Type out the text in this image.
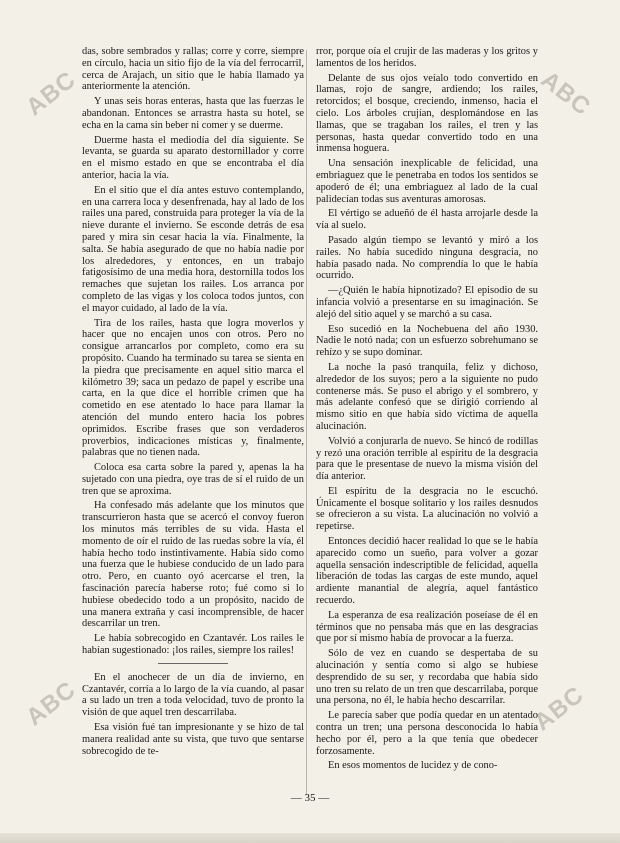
ABC	ABC
ABC	ABC

das, sobre sembrados y rallas; corre y corre, siempre en círculo, hacia un sitio fijo de la vía del ferrocarril, cerca de Arajach, un sitio que le había llamado ya anteriormente la atención.

Y unas seis horas enteras, hasta que las fuerzas le abandonan. Entonces se arrastra hasta su hotel, se echa en la cama sin beber ni comer y se duerme.

Duerme hasta el mediodía del día siguiente. Se levanta, se guarda su aparato destornillador y corre en el mismo estado en que se encontraba el día anterior, hacia la vía.

En el sitio que el día antes estuvo contemplando, en una carrera loca y desenfrenada, hay al lado de los railes una pared, construida para proteger la vía de la nieve durante el invierno. Se esconde detrás de esa pared y mira sin cesar hacia la vía. Finalmente, la salta. Se había asegurado de que no había nadie por los alrededores, y entonces, en un trabajo fatigosísimo de una media hora, destornilla todos los remaches que sujetan los railes. Los arranca por completo de las vigas y los coloca todos juntos, con el mayor cuidado, al lado de la vía.

Tira de los railes, hasta que logra moverlos y hacer que no encajen unos con otros. Pero no consigue arrancarlos por completo, como era su propósito. Cuando ha terminado su tarea se sienta en la piedra que precisamente en aquel sitio marca el kilómetro 39; saca un pedazo de papel y escribe una carta, en la que dice el horrible crimen que ha cometido en ese atentado lo hace para llamar la atención del mundo entero hacia los pobres oprimidos. Escribe frases que son verdaderos proverbios, indicaciones místicas y, finalmente, palabras que no tienen nada.

Coloca esa carta sobre la pared y, apenas la ha sujetado con una piedra, oye tras de sí el ruido de un tren que se aproxima.

Ha confesado más adelante que los minutos que transcurrieron hasta que se acercó el convoy fueron los minutos más terribles de su vida. Hasta el momento de oír el ruido de las ruedas sobre la vía, él había hecho todo instintivamente. Había sido como una fuerza que le hubiese conducido de un lado para otro. Pero, en cuanto oyó acercarse el tren, la fascinación parecía haberse roto; fué como si lo hubiese obedecido todo a un propósito, nacido de una manera extraña y casi incomprensible, de hacer descarrilar un tren.

Le había sobrecogido en Czantavér. Los railes le habían sugestionado: ¡los railes, siempre los railes!

En el anochecer de un día de invierno, en Czantavér, corría a lo largo de la vía cuando, al pasar a su lado un tren a toda velocidad, tuvo de pronto la visión de que aquel tren descarrilaba.

Esa visión fué tan impresionante y se hizo de tal manera realidad ante su vista, que tuvo que sentarse sobrecogido de te-

rror, porque oía el crujir de las maderas y los gritos y lamentos de los heridos.

Delante de sus ojos veíalo todo convertido en llamas, rojo de sangre, ardiendo; los railes, retorcidos; el bosque, creciendo, inmenso, hacia el cielo. Los árboles crujían, desplomándose en las llamas, que se tragaban los railes, el tren y las personas, hasta quedar convertido todo en una inmensa hoguera.

Una sensación inexplicable de felicidad, una embriaguez que le penetraba en todos los sentidos se apoderó de él; una embriaguez al lado de la cual palidecían todas sus aventuras amorosas.

El vértigo se adueñó de él hasta arrojarle desde la vía al suelo.

Pasado algún tiempo se levantó y miró a los railes. No había sucedido ninguna desgracia, no había pasado nada. No comprendía lo que le había ocurrido.

—¿Quién le había hipnotizado? El episodio de su infancia volvió a presentarse en su imaginación. Se alejó del sitio aquel y se marchó a su casa.

Eso sucedió en la Nochebuena del año 1930. Nadie le notó nada; con un esfuerzo sobrehumano se rehízo y se supo dominar.

La noche la pasó tranquila, feliz y dichoso, alrededor de los suyos; pero a la siguiente no pudo contenerse más. Se puso el abrigo y el sombrero, y más adelante confesó que se dirigió corriendo al mismo sitio en que había sido víctima de aquella alucinación.

Volvió a conjurarla de nuevo. Se hincó de rodillas y rezó una oración terrible al espíritu de la desgracia para que le presentase de nuevo la misma visión del día anterior.

El espíritu de la desgracia no le escuchó. Únicamente el bosque solitario y los railes desnudos se ofrecieron a su vista. La alucinación no volvió a repetirse.

Entonces decidió hacer realidad lo que se le había aparecido como un sueño, para volver a gozar aquella sensación indescriptible de felicidad, aquella liberación de todas las cargas de este mundo, aquel ardiente manantial de alegría, aquel fantástico recuerdo.

La esperanza de esa realización poseíase de él en términos que no pensaba más que en las desgracias que por sí mismo había de provocar a la fuerza.

Sólo de vez en cuando se despertaba de su alucinación y sentía como si algo se hubiese desprendido de su ser, y recordaba que había sido uno tren su relato de un tren que descarrilaba, porque una persona, no él, le había hecho descarrilar.

Le parecía saber que podía quedar en un atentado contra un tren; una persona desconocida lo había hecho por él, pero a la que tenía que obedecer forzosamente.

En esos momentos de lucidez y de cono-

— 35 —
